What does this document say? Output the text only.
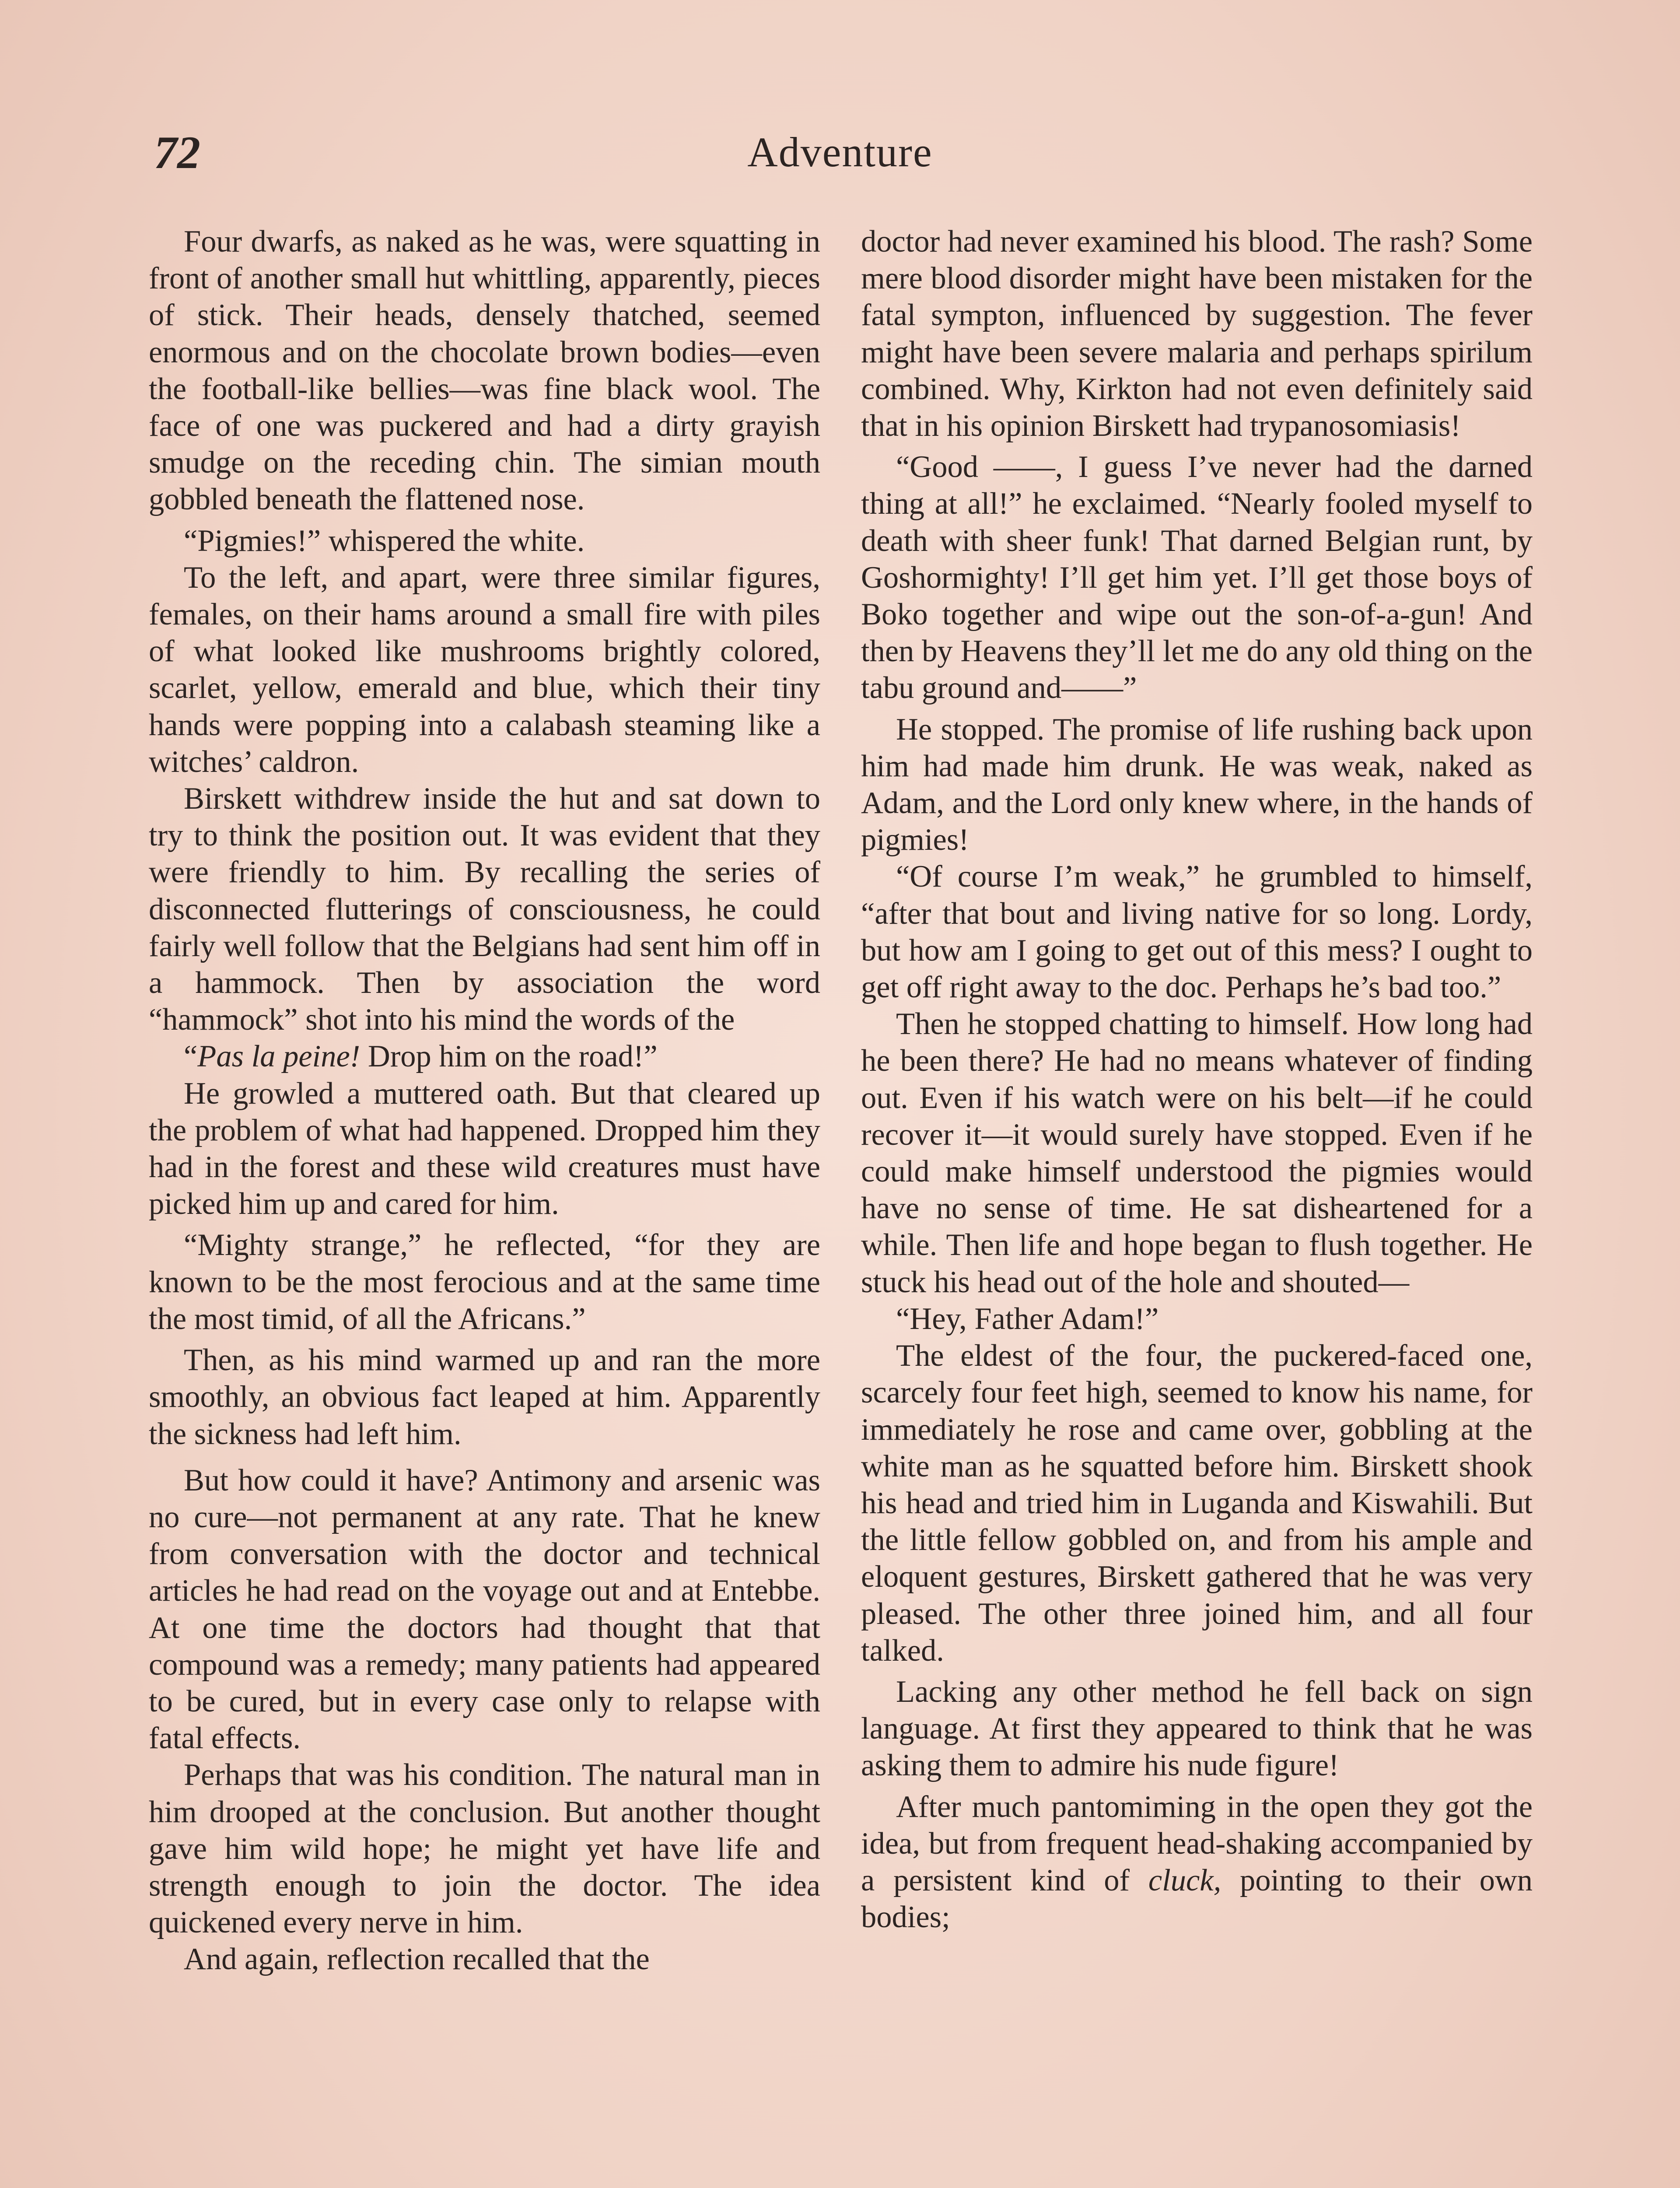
72	Adventure

Four dwarfs, as naked as he was, were squatting in front of another small hut whittling, apparently, pieces of stick. Their heads, densely thatched, seemed enormous and on the chocolate brown bodies—even the football-like bellies—was fine black wool. The face of one was puckered and had a dirty grayish smudge on the receding chin. The simian mouth gobbled beneath the flattened nose.

“Pigmies!” whispered the white.

To the left, and apart, were three similar figures, females, on their hams around a small fire with piles of what looked like mushrooms brightly colored, scarlet, yellow, emerald and blue, which their tiny hands were popping into a calabash steaming like a witches’ caldron.

Birskett withdrew inside the hut and sat down to try to think the position out. It was evident that they were friendly to him. By recalling the series of disconnected flutterings of consciousness, he could fairly well follow that the Belgians had sent him off in a hammock. Then by association the word “hammock” shot into his mind the words of the

“Pas la peine! Drop him on the road!”

He growled a muttered oath. But that cleared up the problem of what had happened. Dropped him they had in the forest and these wild creatures must have picked him up and cared for him.

“Mighty strange,” he reflected, “for they are known to be the most ferocious and at the same time the most timid, of all the Africans.”

Then, as his mind warmed up and ran the more smoothly, an obvious fact leaped at him. Apparently the sickness had left him.

But how could it have? Antimony and arsenic was no cure—not permanent at any rate. That he knew from conversation with the doctor and technical articles he had read on the voyage out and at Entebbe. At one time the doctors had thought that that compound was a remedy; many patients had appeared to be cured, but in every case only to relapse with fatal effects.

Perhaps that was his condition. The natural man in him drooped at the conclusion. But another thought gave him wild hope; he might yet have life and strength enough to join the doctor. The idea quickened every nerve in him.

And again, reflection recalled that the

doctor had never examined his blood. The rash? Some mere blood disorder might have been mistaken for the fatal sympton, influenced by suggestion. The fever might have been severe malaria and perhaps spirilum combined. Why, Kirkton had not even definitely said that in his opinion Birskett had trypanosomiasis!

“Good ——, I guess I’ve never had the darned thing at all!” he exclaimed. “Nearly fooled myself to death with sheer funk! That darned Belgian runt, by Goshormighty! I’ll get him yet. I’ll get those boys of Boko together and wipe out the son-of-a-gun! And then by Heavens they’ll let me do any old thing on the tabu ground and——”

He stopped. The promise of life rushing back upon him had made him drunk. He was weak, naked as Adam, and the Lord only knew where, in the hands of pigmies!

“Of course I’m weak,” he grumbled to himself, “after that bout and living native for so long. Lordy, but how am I going to get out of this mess? I ought to get off right away to the doc. Perhaps he’s bad too.”

Then he stopped chatting to himself. How long had he been there? He had no means whatever of finding out. Even if his watch were on his belt—if he could recover it—it would surely have stopped. Even if he could make himself understood the pigmies would have no sense of time. He sat disheartened for a while. Then life and hope began to flush together. He stuck his head out of the hole and shouted—

“Hey, Father Adam!”

The eldest of the four, the puckered-faced one, scarcely four feet high, seemed to know his name, for immediately he rose and came over, gobbling at the white man as he squatted before him. Birskett shook his head and tried him in Luganda and Kiswahili. But the little fellow gobbled on, and from his ample and eloquent gestures, Birskett gathered that he was very pleased. The other three joined him, and all four talked.

Lacking any other method he fell back on sign language. At first they appeared to think that he was asking them to admire his nude figure!

After much pantomiming in the open they got the idea, but from frequent head-shaking accompanied by a persistent kind of cluck, pointing to their own bodies;
